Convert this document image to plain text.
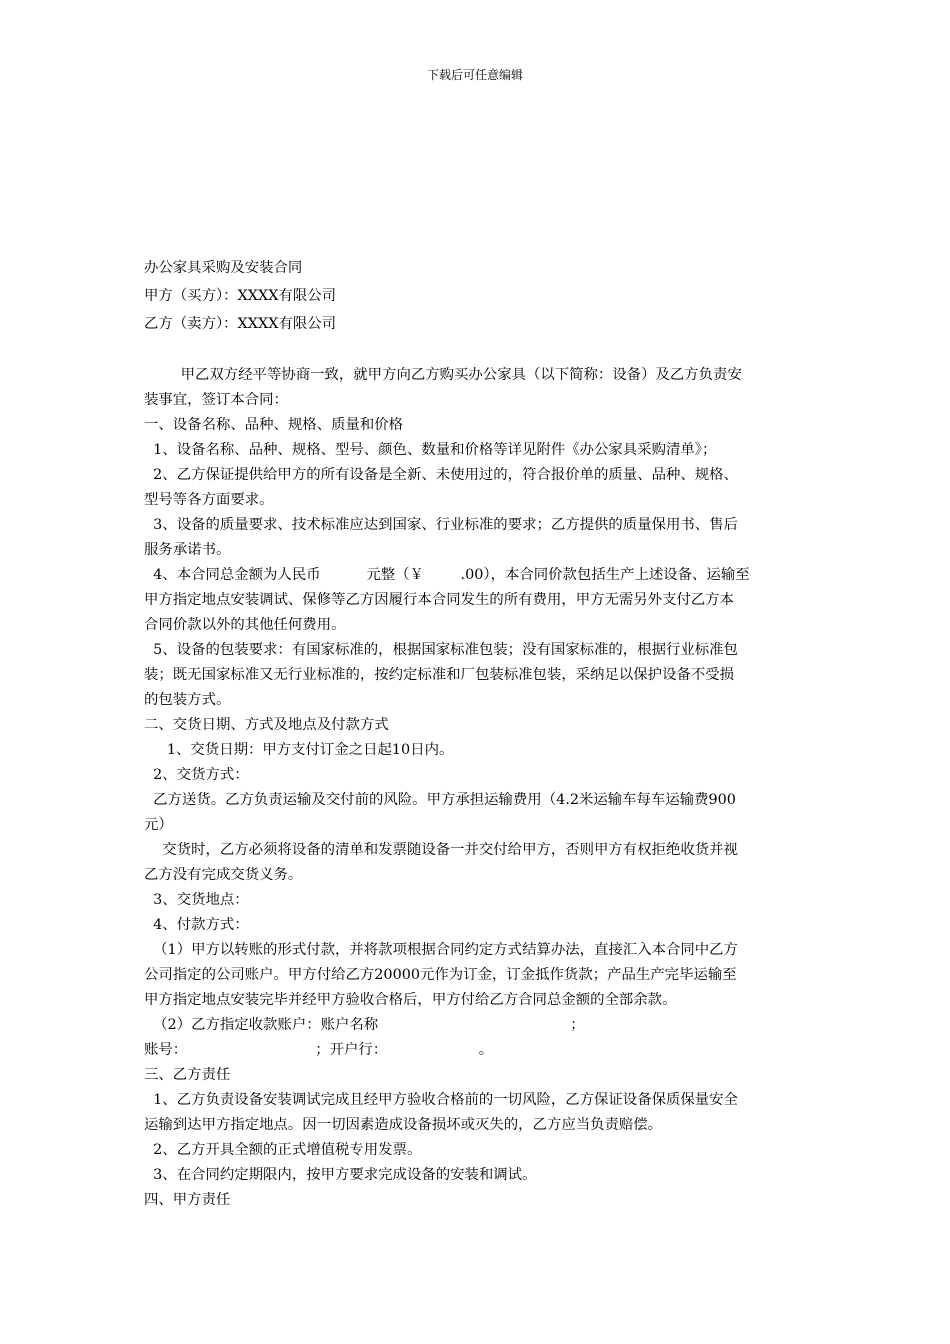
下载后可任意编辑
办公家具采购及安装合同
甲方（买方）：XXXX有限公司
乙方（卖方）：XXXX有限公司
甲乙双方经平等协商一致，就甲方向乙方购买办公家具（以下简称：设备）及乙方负责安
装事宜，签订本合同：
一、设备名称、品种、规格、质量和价格
1、设备名称、品种、规格、型号、颜色、数量和价格等详见附件《办公家具采购清单》；
2、乙方保证提供给甲方的所有设备是全新、未使用过的，符合报价单的质量、品种、规格、
型号等各方面要求。
3、设备的质量要求、技术标准应达到国家、行业标准的要求；乙方提供的质量保用书、售后
服务承诺书。
4、本合同总金额为人民币          元整（￥        .00），本合同价款包括生产上述设备、运输至
甲方指定地点安装调试、保修等乙方因履行本合同发生的所有费用，甲方无需另外支付乙方本
合同价款以外的其他任何费用。
5、设备的包装要求：有国家标准的，根据国家标准包装；没有国家标准的，根据行业标准包
装；既无国家标准又无行业标准的，按约定标准和厂包装标准包装，采纳足以保护设备不受损
的包装方式。
二、交货日期、方式及地点及付款方式
1、交货日期：甲方支付订金之日起10日内。
2、交货方式：
乙方送货。乙方负责运输及交付前的风险。甲方承担运输费用（4.2米运输车每车运输费900
元）
交货时，乙方必须将设备的清单和发票随设备一并交付给甲方，否则甲方有权拒绝收货并视
乙方没有完成交货义务。
3、交货地点：
4、付款方式：
（1）甲方以转账的形式付款，并将款项根据合同约定方式结算办法，直接汇入本合同中乙方
公司指定的公司账户。甲方付给乙方20000元作为订金，订金抵作货款；产品生产完毕运输至
甲方指定地点安装完毕并经甲方验收合格后，甲方付给乙方合同总金额的全部余款。
（2）乙方指定收款账户：账户名称                                          ；
账号：                            ；开户行：                    。
三、乙方责任
1、乙方负责设备安装调试完成且经甲方验收合格前的一切风险，乙方保证设备保质保量安全
运输到达甲方指定地点。因一切因素造成设备损坏或灭失的，乙方应当负责赔偿。
2、乙方开具全额的正式增值税专用发票。
3、在合同约定期限内，按甲方要求完成设备的安装和调试。
四、甲方责任
